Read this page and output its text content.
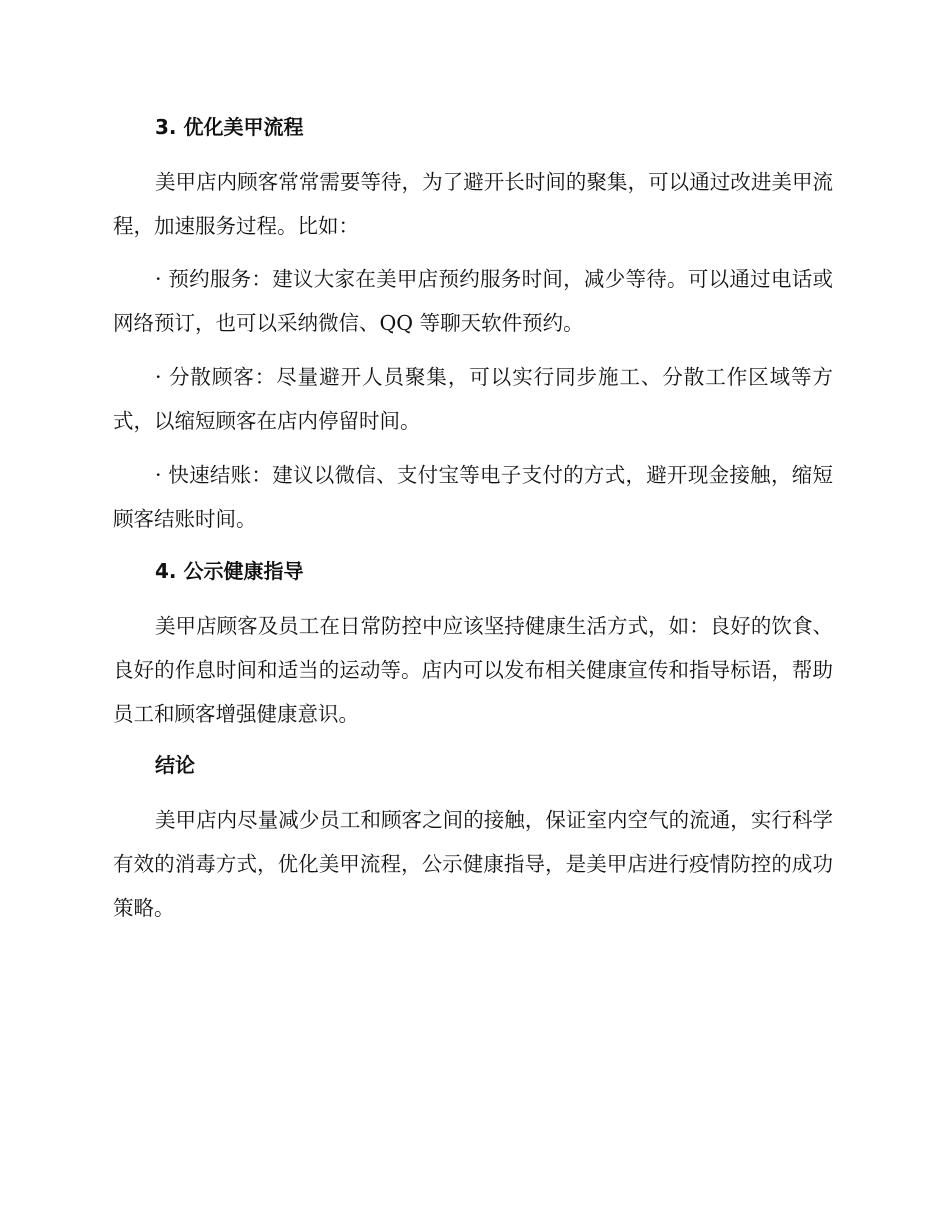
3. 优化美甲流程

美甲店内顾客常常需要等待，为了避开长时间的聚集，可以通过改进美甲流程，加速服务过程。比如：

· 预约服务：建议大家在美甲店预约服务时间，减少等待。可以通过电话或网络预订，也可以采纳微信、QQ 等聊天软件预约。

· 分散顾客：尽量避开人员聚集，可以实行同步施工、分散工作区域等方式，以缩短顾客在店内停留时间。

· 快速结账：建议以微信、支付宝等电子支付的方式，避开现金接触，缩短顾客结账时间。

4. 公示健康指导

美甲店顾客及员工在日常防控中应该坚持健康生活方式，如：良好的饮食、良好的作息时间和适当的运动等。店内可以发布相关健康宣传和指导标语，帮助员工和顾客增强健康意识。

结论

美甲店内尽量减少员工和顾客之间的接触，保证室内空气的流通，实行科学有效的消毒方式，优化美甲流程，公示健康指导，是美甲店进行疫情防控的成功策略。
